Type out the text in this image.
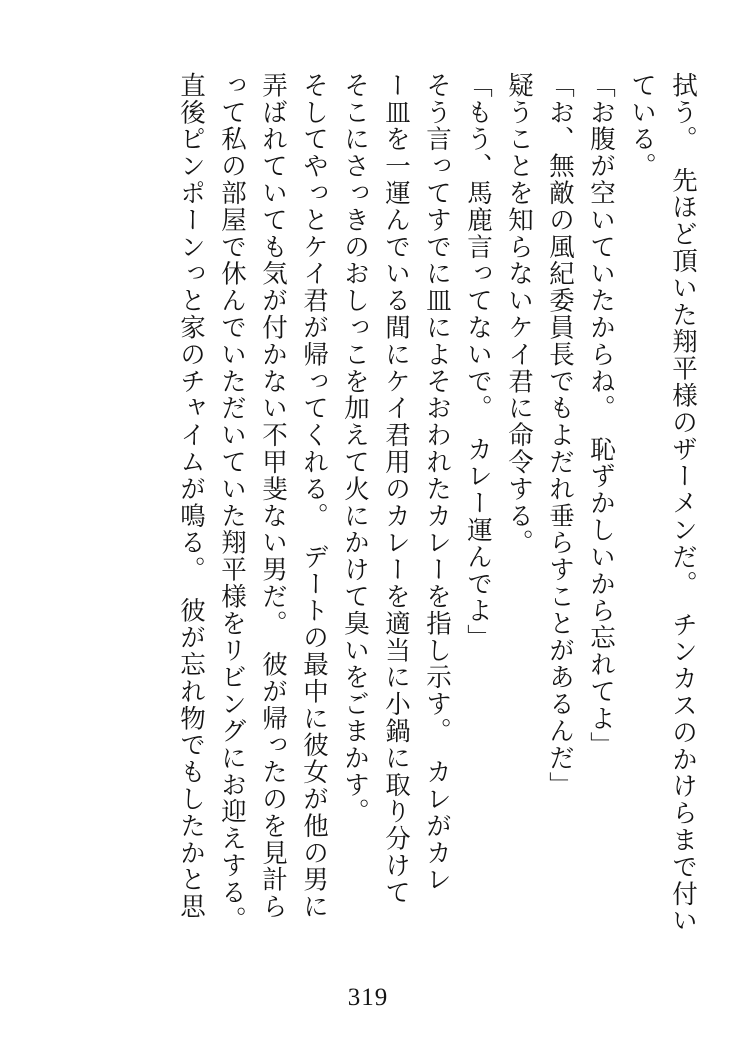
拭う。　先ほど頂いた翔平様のザーメンだ。　チンカスのかけらまで付い
ている。
「お腹が空いていたからね。　恥ずかしいから忘れてよ」
「お、無敵の風紀委員長でもよだれ垂らすことがあるんだ」
疑うことを知らないケイ君に命令する。
「もう、馬鹿言ってないで。　カレー運んでよ」
そう言ってすでに皿によそおわれたカレーを指し示す。　カレがカレ
ー皿を一運んでいる間にケイ君用のカレーを適当に小鍋に取り分けて
そこにさっきのおしっこを加えて火にかけて臭いをごまかす。
そしてやっとケイ君が帰ってくれる。　デートの最中に彼女が他の男に
弄ばれていても気が付かない不甲斐ない男だ。　彼が帰ったのを見計ら
って私の部屋で休んでいただいていた翔平様をリビングにお迎えする。
直後ピンポーンっと家のチャイムが鳴る。　彼が忘れ物でもしたかと思
319
